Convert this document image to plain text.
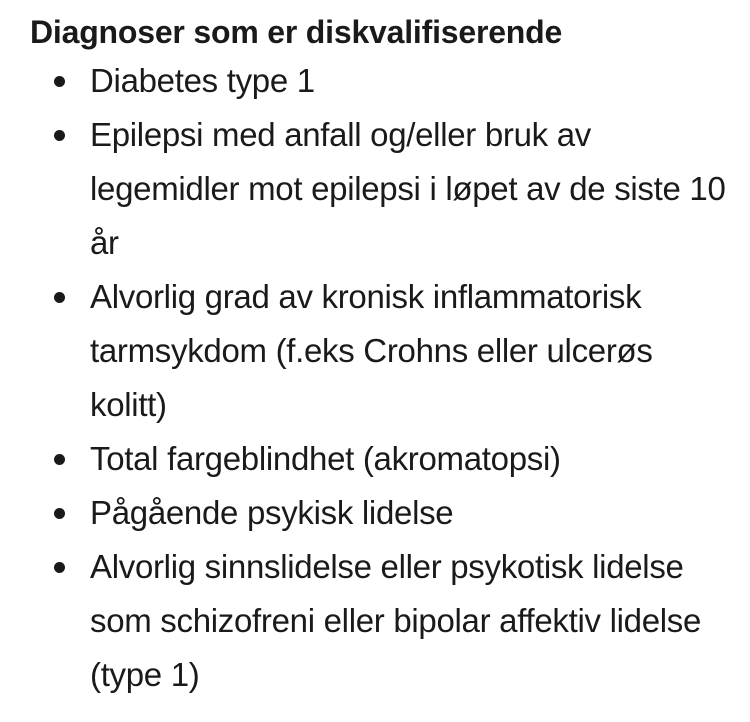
Diagnoser som er diskvalifiserende
Diabetes type 1
Epilepsi med anfall og/eller bruk av legemidler mot epilepsi i løpet av de siste 10 år
Alvorlig grad av kronisk inflammatorisk tarmsykdom (f.eks Crohns eller ulcerøs kolitt)
Total fargeblindhet (akromatopsi)
Pågående psykisk lidelse
Alvorlig sinnslidelse eller psykotisk lidelse som schizofreni eller bipolar affektiv lidelse (type 1)
